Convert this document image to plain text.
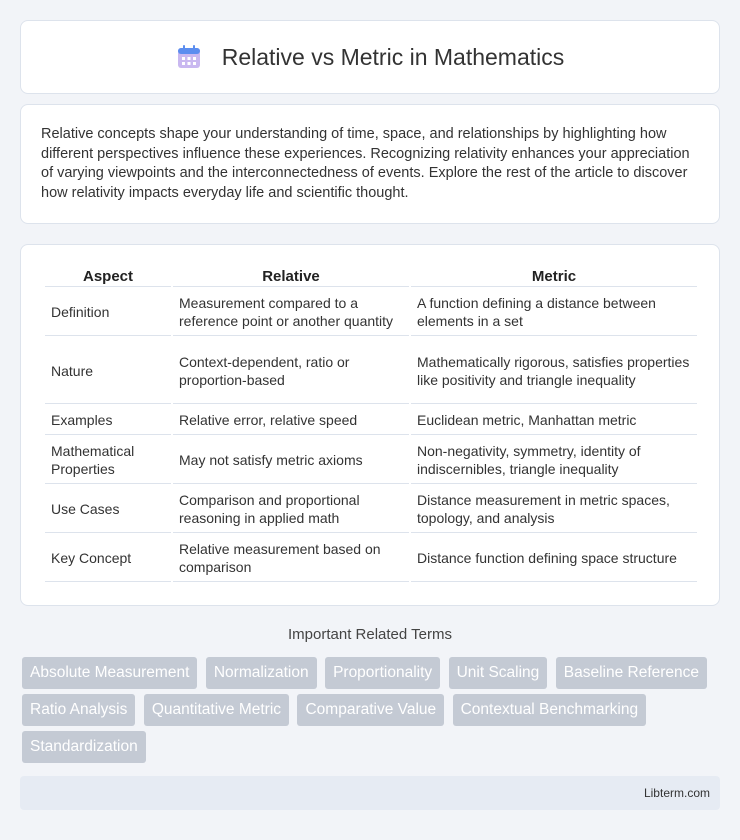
Relative vs Metric in Mathematics

Relative concepts shape your understanding of time, space, and relationships by highlighting how different perspectives influence these experiences. Recognizing relativity enhances your appreciation of varying viewpoints and the interconnectedness of events. Explore the rest of the article to discover how relativity impacts everyday life and scientific thought.

Aspect	Relative	Metric
Definition	Measurement compared to a reference point or another quantity	A function defining a distance between elements in a set
Nature	Context-dependent, ratio or proportion-based	Mathematically rigorous, satisfies properties like positivity and triangle inequality
Examples	Relative error, relative speed	Euclidean metric, Manhattan metric
Mathematical Properties	May not satisfy metric axioms	Non-negativity, symmetry, identity of indiscernibles, triangle inequality
Use Cases	Comparison and proportional reasoning in applied math	Distance measurement in metric spaces, topology, and analysis
Key Concept	Relative measurement based on comparison	Distance function defining space structure
Important Related Terms
Absolute Measurement Normalization Proportionality Unit Scaling Baseline Reference Ratio Analysis Quantitative Metric Comparative Value Contextual Benchmarking Standardization
Libterm.com
